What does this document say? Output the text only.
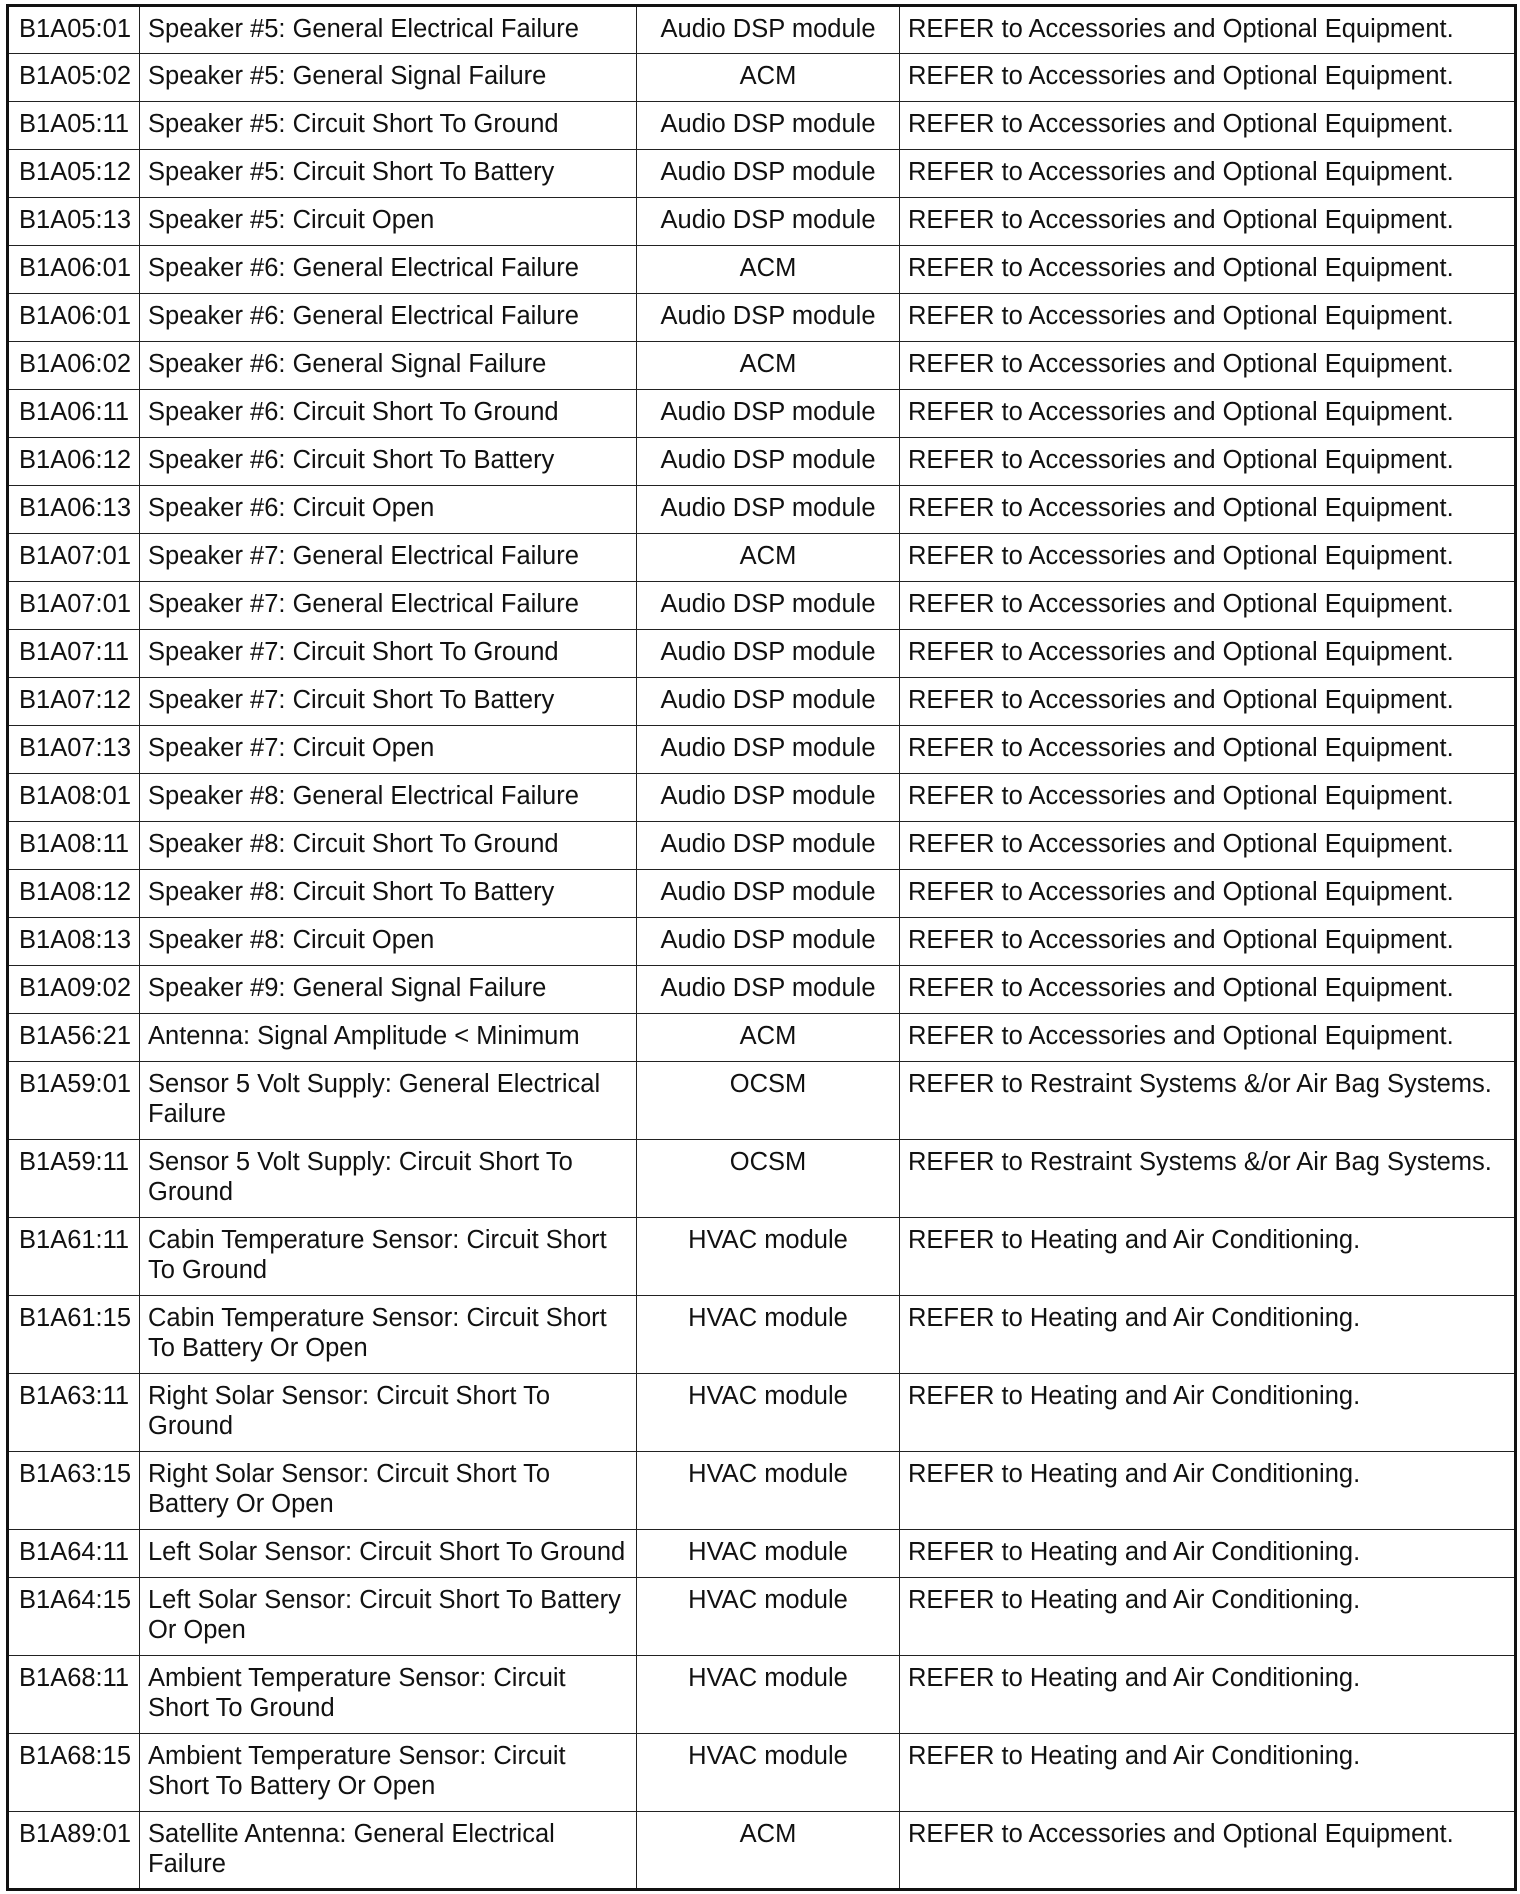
B1A05:01	Speaker #5: General Electrical Failure	Audio DSP module	REFER to Accessories and Optional Equipment.
B1A05:02	Speaker #5: General Signal Failure	ACM	REFER to Accessories and Optional Equipment.
B1A05:11	Speaker #5: Circuit Short To Ground	Audio DSP module	REFER to Accessories and Optional Equipment.
B1A05:12	Speaker #5: Circuit Short To Battery	Audio DSP module	REFER to Accessories and Optional Equipment.
B1A05:13	Speaker #5: Circuit Open	Audio DSP module	REFER to Accessories and Optional Equipment.
B1A06:01	Speaker #6: General Electrical Failure	ACM	REFER to Accessories and Optional Equipment.
B1A06:01	Speaker #6: General Electrical Failure	Audio DSP module	REFER to Accessories and Optional Equipment.
B1A06:02	Speaker #6: General Signal Failure	ACM	REFER to Accessories and Optional Equipment.
B1A06:11	Speaker #6: Circuit Short To Ground	Audio DSP module	REFER to Accessories and Optional Equipment.
B1A06:12	Speaker #6: Circuit Short To Battery	Audio DSP module	REFER to Accessories and Optional Equipment.
B1A06:13	Speaker #6: Circuit Open	Audio DSP module	REFER to Accessories and Optional Equipment.
B1A07:01	Speaker #7: General Electrical Failure	ACM	REFER to Accessories and Optional Equipment.
B1A07:01	Speaker #7: General Electrical Failure	Audio DSP module	REFER to Accessories and Optional Equipment.
B1A07:11	Speaker #7: Circuit Short To Ground	Audio DSP module	REFER to Accessories and Optional Equipment.
B1A07:12	Speaker #7: Circuit Short To Battery	Audio DSP module	REFER to Accessories and Optional Equipment.
B1A07:13	Speaker #7: Circuit Open	Audio DSP module	REFER to Accessories and Optional Equipment.
B1A08:01	Speaker #8: General Electrical Failure	Audio DSP module	REFER to Accessories and Optional Equipment.
B1A08:11	Speaker #8: Circuit Short To Ground	Audio DSP module	REFER to Accessories and Optional Equipment.
B1A08:12	Speaker #8: Circuit Short To Battery	Audio DSP module	REFER to Accessories and Optional Equipment.
B1A08:13	Speaker #8: Circuit Open	Audio DSP module	REFER to Accessories and Optional Equipment.
B1A09:02	Speaker #9: General Signal Failure	Audio DSP module	REFER to Accessories and Optional Equipment.
B1A56:21	Antenna: Signal Amplitude < Minimum	ACM	REFER to Accessories and Optional Equipment.
B1A59:01	Sensor 5 Volt Supply: General Electrical Failure	OCSM	REFER to Restraint Systems &/or Air Bag Systems.
B1A59:11	Sensor 5 Volt Supply: Circuit Short To Ground	OCSM	REFER to Restraint Systems &/or Air Bag Systems.
B1A61:11	Cabin Temperature Sensor: Circuit Short To Ground	HVAC module	REFER to Heating and Air Conditioning.
B1A61:15	Cabin Temperature Sensor: Circuit Short To Battery Or Open	HVAC module	REFER to Heating and Air Conditioning.
B1A63:11	Right Solar Sensor: Circuit Short To Ground	HVAC module	REFER to Heating and Air Conditioning.
B1A63:15	Right Solar Sensor: Circuit Short To Battery Or Open	HVAC module	REFER to Heating and Air Conditioning.
B1A64:11	Left Solar Sensor: Circuit Short To Ground	HVAC module	REFER to Heating and Air Conditioning.
B1A64:15	Left Solar Sensor: Circuit Short To Battery Or Open	HVAC module	REFER to Heating and Air Conditioning.
B1A68:11	Ambient Temperature Sensor: Circuit Short To Ground	HVAC module	REFER to Heating and Air Conditioning.
B1A68:15	Ambient Temperature Sensor: Circuit Short To Battery Or Open	HVAC module	REFER to Heating and Air Conditioning.
B1A89:01	Satellite Antenna: General Electrical Failure	ACM	REFER to Accessories and Optional Equipment.
